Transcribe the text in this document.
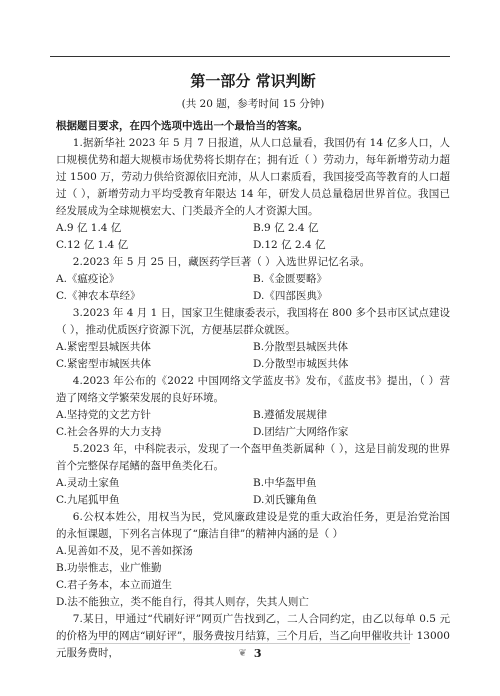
第一部分 常识判断

(共 20 题，参考时间 15 分钟)

根据题目要求，在四个选项中选出一个最恰当的答案。

1.据新华社 2023 年 5 月 7 日报道，从人口总量看，我国仍有 14 亿多人口，人口规模优势和超大规模市场优势将长期存在；拥有近（ ）劳动力，每年新增劳动力超过 1500 万，劳动力供给资源依旧充沛，从人口素质看，我国接受高等教育的人口超过（ ），新增劳动力平均受教育年限达 14 年，研发人员总量稳居世界首位。我国已经发展成为全球规模宏大、门类最齐全的人才资源大国。

A.9 亿 1.4 亿	B.9 亿 2.4 亿
C.12 亿 1.4 亿	D.12 亿 2.4 亿

2.2023 年 5 月 25 日，藏医药学巨著（ ）入选世界记忆名录。

A.《瘟疫论》	B.《金匮要略》
C.《神农本草经》	D.《四部医典》

3.2023 年 4 月 1 日，国家卫生健康委表示，我国将在 800 多个县市区试点建设（ ），推动优质医疗资源下沉，方便基层群众就医。

A.紧密型县城医共体	B.分散型县城医共体
C.紧密型市城医共体	D.分散型市城医共体

4.2023 年公布的《2022 中国网络文学蓝皮书》发布，《蓝皮书》提出，（ ）营造了网络文学繁荣发展的良好环境。

A.坚持党的文艺方针	B.遵循发展规律
C.社会各界的大力支持	D.团结广大网络作家

5.2023 年，中科院表示，发现了一个盔甲鱼类新属种（ ），这是目前发现的世界首个完整保存尾鳍的盔甲鱼类化石。

A.灵动土家鱼	B.中华盔甲鱼
C.九尾狐甲鱼	D.刘氏镰角鱼

6.公权本姓公，用权当为民，党风廉政建设是党的重大政治任务，更是治党治国的永恒课题，下列名言体现了“廉洁自律”的精神内涵的是（ ）

A.见善如不及，见不善如探汤
B.功崇惟志，业广惟勤
C.君子务本，本立而道生
D.法不能独立，类不能自行，得其人则存，失其人则亡

7.某日，甲通过“代刷好评”网页广告找到乙，二人合同约定，由乙以每单 0.5 元的价格为甲的网店“刷好评”，服务费按月结算，三个月后，当乙向甲催收共计 13000 元服务费时，	❦ 3
